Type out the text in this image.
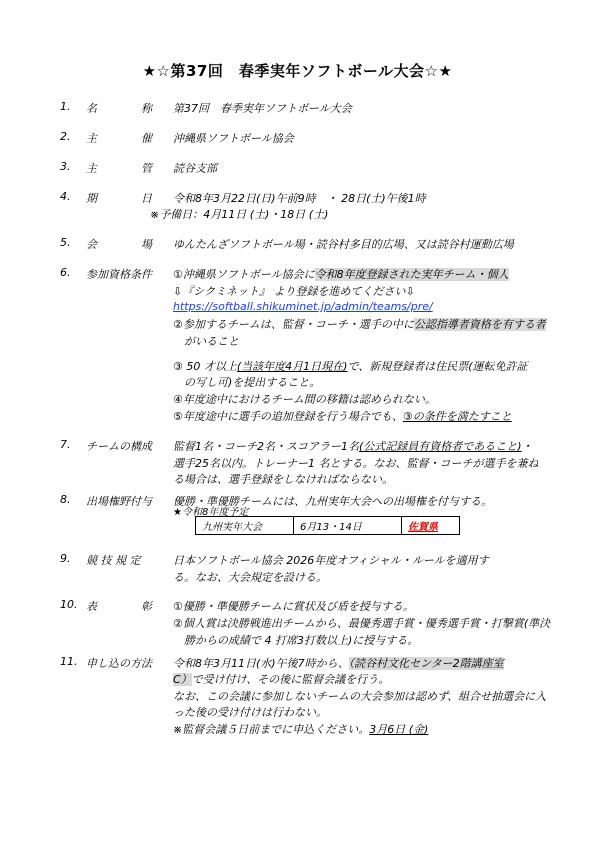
★☆第37回　春季実年ソフトボール大会☆★
1.	名	称 第37回　春季実年ソフトボール大会
2.	主	催 沖縄県ソフトボール協会
3.	主	管 読谷支部
4.	期	日 令和8年3月22日(日)午前9時　・ 28日(土)午後1時
※予備日：4月11日 (土)・18日 (土)
5.	会	場 ゆんたんざソフトボール場・読谷村多目的広場、又は読谷村運動広場
6.	参加資格条件 ①沖縄県ソフトボール協会に令和8年度登録された実年チーム・個人
⇩『シクミネット』 より登録を進めてください⇩
https://softball.shikuminet.jp/admin/teams/pre/
②参加するチームは、監督・コーチ・選手の中に公認指導者資格を有する者
がいること
③ 50 才以上(当該年度4月1日現在)で、新規登録者は住民票(運転免許証
の写し可)を提出すること。
④年度途中におけるチーム間の移籍は認められない。
⑤年度途中に選手の追加登録を行う場合でも、③の条件を満たすこと
7.	チームの構成 監督1名・コーチ2名・スコアラー1名(公式記録員有資格者であること)・
選手25名以内。トレーナー1 名とする。なお、監督・コーチが選手を兼ね
る場合は、選手登録をしなければならない。
8.	出場権野付与 優勝・準優勝チームには、九州実年大会への出場権を付与する。
★令和8年度予定
九州実年大会	6月13・14日	佐賀県
9.	競 技 規 定	日本ソフトボール協会 2026年度オフィシャル・ルールを適用す
る。なお、大会規定を設ける。
10. 表	彰 ①優勝・準優勝チームに賞状及び盾を授与する。
②個人賞は決勝戦進出チームから、最優秀選手賞・優秀選手賞・打撃賞(準決
勝からの成績で 4 打席3打数以上)に授与する。
11. 申し込の方法 令和8年3月11日(水)午後7時から、（読谷村文化センター2階講座室
C）で受け付け、その後に監督会議を行う。
なお、この会議に参加しないチームの大会参加は認めず、組合せ抽選会に入
った後の受け付けは行わない。
※監督会議５日前までに申込ください。3月6日 (金)
